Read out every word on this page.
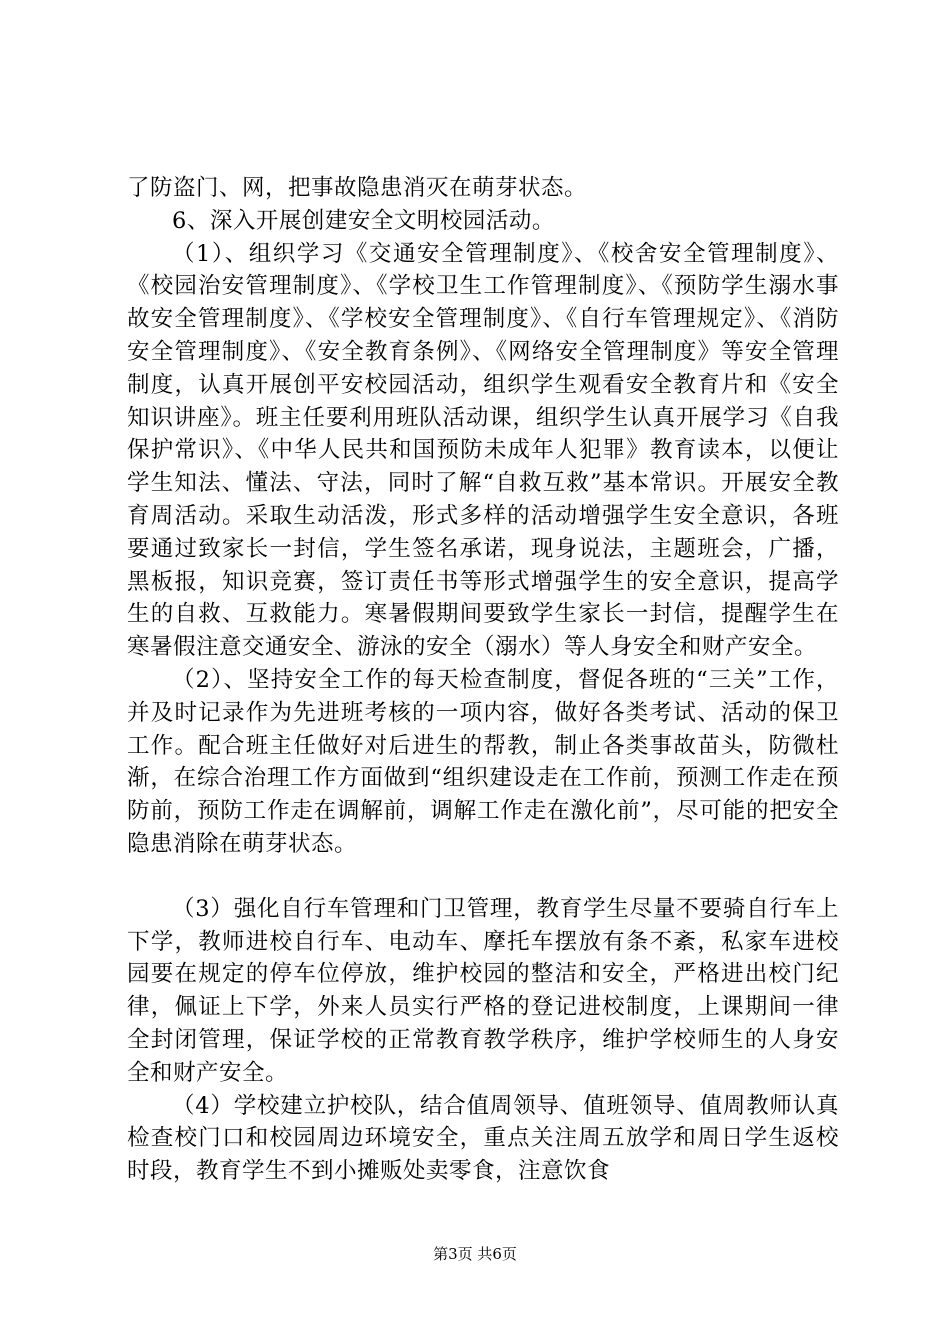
了防盗门、网，把事故隐患消灭在萌芽状态。

6、深入开展创建安全文明校园活动。

（1）、组织学习《交通安全管理制度》、《校舍安全管理制度》、《校园治安管理制度》、《学校卫生工作管理制度》、《预防学生溺水事故安全管理制度》、《学校安全管理制度》、《自行车管理规定》、《消防安全管理制度》、《安全教育条例》、《网络安全管理制度》等安全管理制度，认真开展创平安校园活动，组织学生观看安全教育片和《安全知识讲座》。班主任要利用班队活动课，组织学生认真开展学习《自我保护常识》、《中华人民共和国预防未成年人犯罪》教育读本，以便让学生知法、懂法、守法，同时了解“自救互救”基本常识。开展安全教育周活动。采取生动活泼，形式多样的活动增强学生安全意识，各班要通过致家长一封信，学生签名承诺，现身说法，主题班会，广播，黑板报，知识竞赛，签订责任书等形式增强学生的安全意识，提高学生的自救、互救能力。寒暑假期间要致学生家长一封信，提醒学生在寒暑假注意交通安全、游泳的安全（溺水）等人身安全和财产安全。

（2）、坚持安全工作的每天检查制度，督促各班的“三关”工作，并及时记录作为先进班考核的一项内容，做好各类考试、活动的保卫工作。配合班主任做好对后进生的帮教，制止各类事故苗头，防微杜渐，在综合治理工作方面做到“组织建设走在工作前，预测工作走在预防前，预防工作走在调解前，调解工作走在激化前”，尽可能的把安全隐患消除在萌芽状态。

（3）强化自行车管理和门卫管理，教育学生尽量不要骑自行车上下学，教师进校自行车、电动车、摩托车摆放有条不紊，私家车进校园要在规定的停车位停放，维护校园的整洁和安全，严格进出校门纪律，佩证上下学，外来人员实行严格的登记进校制度，上课期间一律全封闭管理，保证学校的正常教育教学秩序，维护学校师生的人身安全和财产安全。

（4）学校建立护校队，结合值周领导、值班领导、值周教师认真检查校门口和校园周边环境安全，重点关注周五放学和周日学生返校时段，教育学生不到小摊贩处卖零食，注意饮食

第3页 共6页
